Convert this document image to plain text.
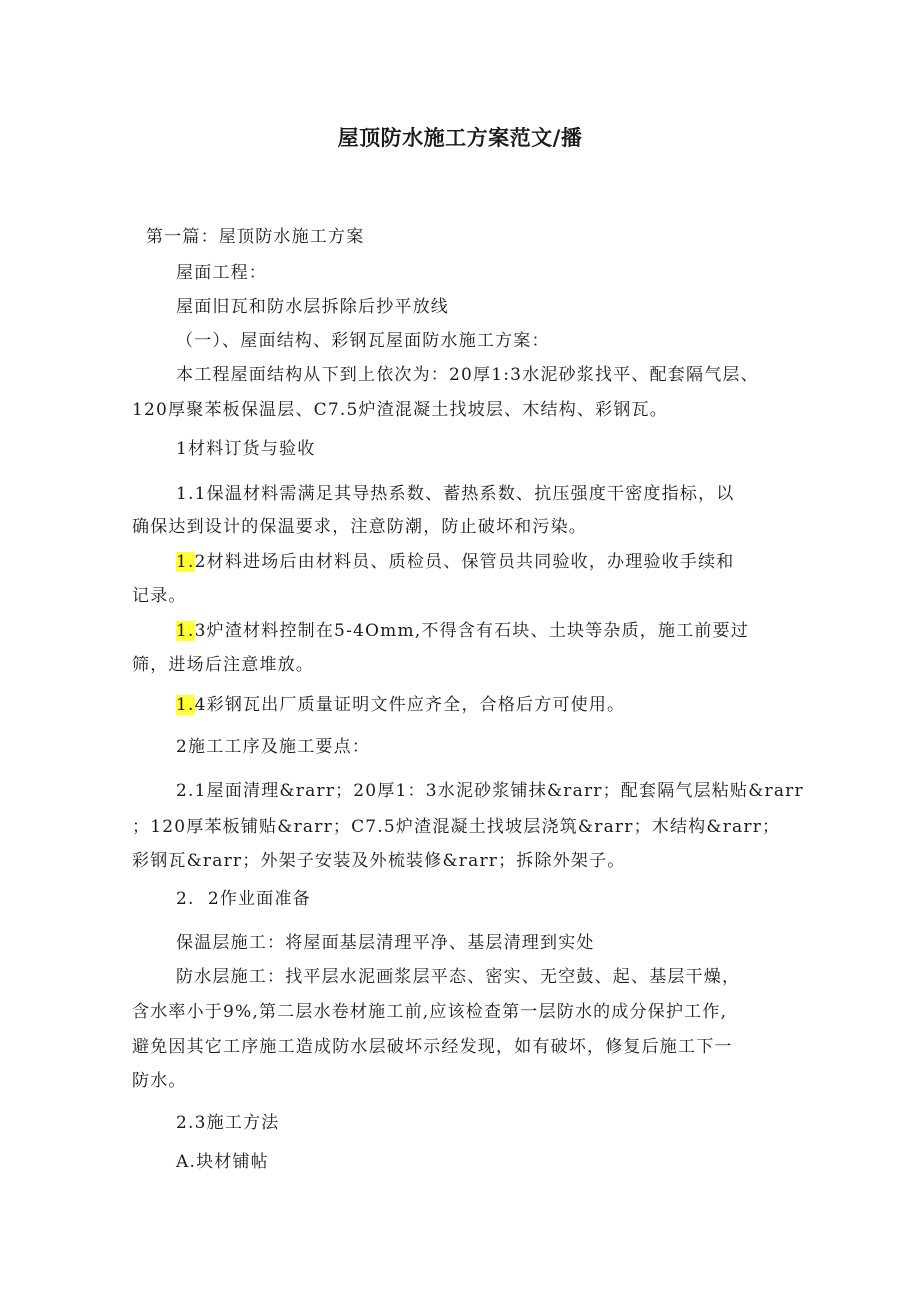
屋顶防水施工方案范文/播
第一篇：屋顶防水施工方案
屋面工程：
屋面旧瓦和防水层拆除后抄平放线
（一）、屋面结构、彩钢瓦屋面防水施工方案：
本工程屋面结构从下到上依次为：20厚1:3水泥砂浆找平、配套隔气层、
120厚聚苯板保温层、C7.5炉渣混凝土找坡层、木结构、彩钢瓦。
1材料订货与验收
1.1保温材料需满足其导热系数、蓄热系数、抗压强度干密度指标，以
确保达到设计的保温要求，注意防潮，防止破坏和污染。
1.2材料进场后由材料员、质检员、保管员共同验收，办理验收手续和
记录。
1.3炉渣材料控制在5-4Omm,不得含有石块、土块等杂质，施工前要过
筛，进场后注意堆放。
1.4彩钢瓦出厂质量证明文件应齐全，合格后方可使用。
2施工工序及施工要点：
2.1屋面清理&rarr；20厚1：3水泥砂浆铺抹&rarr；配套隔气层粘贴&rarr
；120厚苯板铺贴&rarr；C7.5炉渣混凝土找坡层浇筑&rarr；木结构&rarr；
彩钢瓦&rarr；外架子安装及外梳装修&rarr；拆除外架子。
2.  2作业面准备
保温层施工：将屋面基层清理平净、基层清理到实处
防水层施工：找平层水泥画浆层平态、密实、无空鼓、起、基层干燥，
含水率小于9%,第二层水卷材施工前,应该检查第一层防水的成分保护工作,
避免因其它工序施工造成防水层破坏示经发现，如有破坏，修复后施工下一
防水。
2.3施工方法
A.块材铺帖
